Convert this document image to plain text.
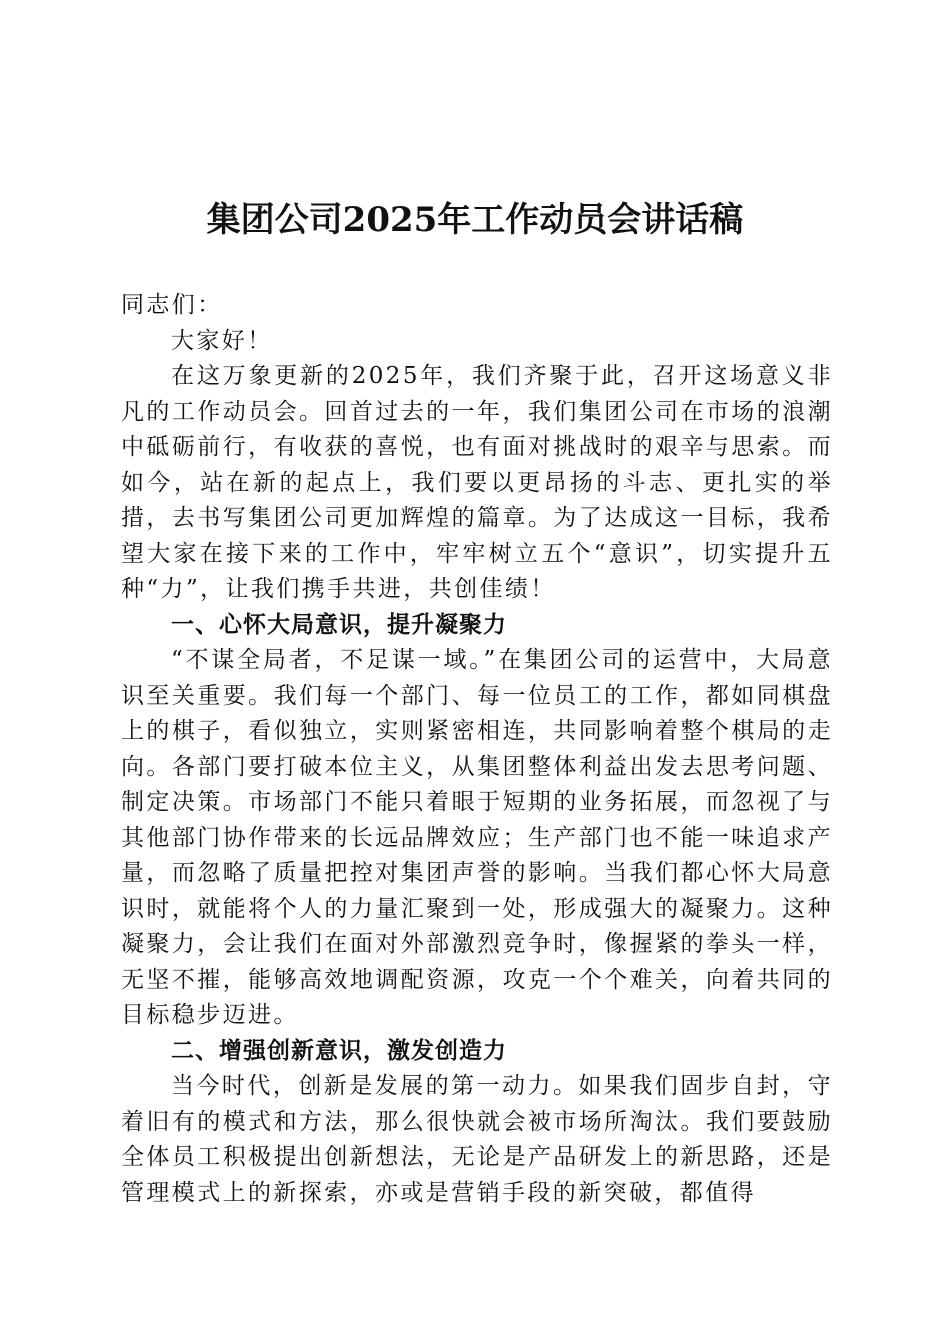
集团公司2025年工作动员会讲话稿

同志们：

大家好！

在这万象更新的2025年，我们齐聚于此，召开这场意义非凡的工作动员会。回首过去的一年，我们集团公司在市场的浪潮中砥砺前行，有收获的喜悦，也有面对挑战时的艰辛与思索。而如今，站在新的起点上，我们要以更昂扬的斗志、更扎实的举措，去书写集团公司更加辉煌的篇章。为了达成这一目标，我希望大家在接下来的工作中，牢牢树立五个“意识”，切实提升五种“力”，让我们携手共进，共创佳绩！

一、心怀大局意识，提升凝聚力

“不谋全局者，不足谋一域。”在集团公司的运营中，大局意识至关重要。我们每一个部门、每一位员工的工作，都如同棋盘上的棋子，看似独立，实则紧密相连，共同影响着整个棋局的走向。各部门要打破本位主义，从集团整体利益出发去思考问题、制定决策。市场部门不能只着眼于短期的业务拓展，而忽视了与其他部门协作带来的长远品牌效应；生产部门也不能一味追求产量，而忽略了质量把控对集团声誉的影响。当我们都心怀大局意识时，就能将个人的力量汇聚到一处，形成强大的凝聚力。这种凝聚力，会让我们在面对外部激烈竞争时，像握紧的拳头一样，无坚不摧，能够高效地调配资源，攻克一个个难关，向着共同的目标稳步迈进。

二、增强创新意识，激发创造力

当今时代，创新是发展的第一动力。如果我们固步自封，守着旧有的模式和方法，那么很快就会被市场所淘汰。我们要鼓励全体员工积极提出创新想法，无论是产品研发上的新思路，还是管理模式上的新探索，亦或是营销手段的新突破，都值得
